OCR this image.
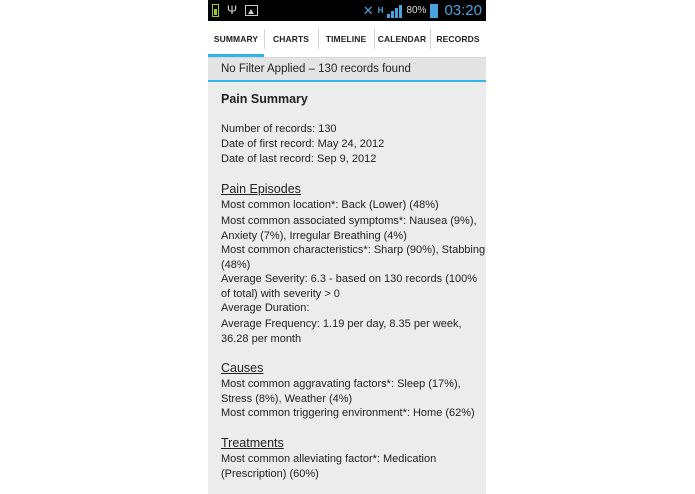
Ψ	✕ H 80% 03:20
SUMMARY CHARTS TIMELINE CALENDAR RECORDS
No Filter Applied – 130 records found

Pain Summary

Number of records: 130

Date of first record: May 24, 2012

Date of last record: Sep 9, 2012

Pain Episodes

Most common location*: Back (Lower) (48%)

Most common associated symptoms*: Nausea (9%), Anxiety (7%), Irregular Breathing (4%)

Most common characteristics*: Sharp (90%), Stabbing (48%)

Average Severity: 6.3 - based on 130 records (100% of total) with severity > 0

Average Duration:

Average Frequency: 1.19 per day, 8.35 per week, 36.28 per month

Causes

Most common aggravating factors*: Sleep (17%), Stress (8%), Weather (4%)

Most common triggering environment*: Home (62%)

Treatments

Most common alleviating factor*: Medication (Prescription) (60%)
